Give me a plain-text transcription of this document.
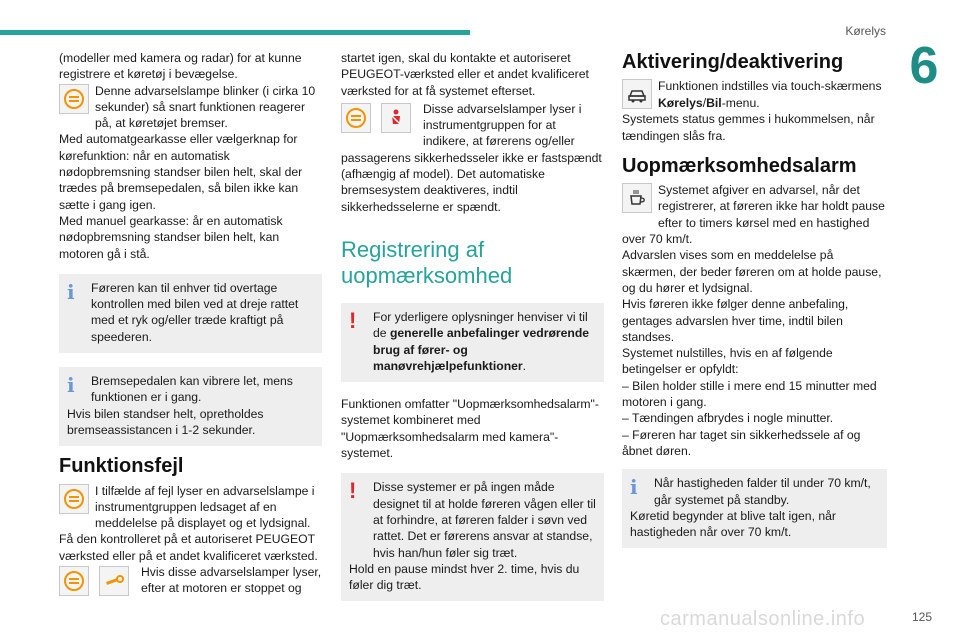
Kørelys
6

(modeller med kamera og radar) for at kunne registrere et køretøj i bevægelse.

Denne advarselslampe blinker (i cirka 10 sekunder) så snart funktionen reagerer på, at køretøjet bremser.

Med automatgearkasse eller vælgerknap for kørefunktion: når en automatisk nødopbremsning standser bilen helt, skal der trædes på bremsepedalen, så bilen ikke kan sætte i gang igen.

Med manuel gearkasse: år en automatisk nødopbremsning standser bilen helt, kan motoren gå i stå.

i Føreren kan til enhver tid overtage kontrollen med bilen ved at dreje rattet med et ryk og/eller træde kraftigt på speederen.

i Bremsepedalen kan vibrere let, mens funktionen er i gang.

Hvis bilen standser helt, opretholdes bremseassistancen i 1-2 sekunder.

Funktionsfejl
I tilfælde af fejl lyser en advarselslampe i instrumentgruppen ledsaget af en meddelelse på displayet og et lydsignal.

Få den kontrolleret på et autoriseret PEUGEOT værksted eller på et andet kvalificeret værksted.

Hvis disse advarselslamper lyser, efter at motoren er stoppet og

startet igen, skal du kontakte et autoriseret PEUGEOT-værksted eller et andet kvalificeret værksted for at få systemet efterset.

Disse advarselslamper lyser i instrumentgruppen for at indikere, at førerens og/eller passagerens sikkerhedsseler ikke er fastspændt (afhængig af model). Det automatiske bremsesystem deaktiveres, indtil sikkerhedsselerne er spændt.
Registrering af uopmærksomhed
! For yderligere oplysninger henviser vi til de generelle anbefalinger vedrørende brug af fører- og manøvrehjælpefunktioner.

Funktionen omfatter "Uopmærksomhedsalarm"-systemet kombineret med "Uopmærksomhedsalarm med kamera"-systemet.

! Disse systemer er på ingen måde designet til at holde føreren vågen eller til at forhindre, at føreren falder i søvn ved rattet. Det er førerens ansvar at standse, hvis han/hun føler sig træt.

Hold en pause mindst hver 2. time, hvis du føler dig træt.

Aktivering/deaktivering
Funktionen indstilles via touch-skærmens Kørelys/Bil-menu.

Systemets status gemmes i hukommelsen, når tændingen slås fra.

Uopmærksomhedsalarm
Systemet afgiver en advarsel, når det registrerer, at føreren ikke har holdt pause efter to timers kørsel med en hastighed over 70 km/t.

Advarslen vises som en meddelelse på skærmen, der beder føreren om at holde pause, og du hører et lydsignal.

Hvis føreren ikke følger denne anbefaling, gentages advarslen hver time, indtil bilen standses.

Systemet nulstilles, hvis en af følgende betingelser er opfyldt:

– Bilen holder stille i mere end 15 minutter med motoren i gang.

– Tændingen afbrydes i nogle minutter.

– Føreren har taget sin sikkerhedssele af og åbnet døren.

i Når hastigheden falder til under 70 km/t, går systemet på standby.

Køretid begynder at blive talt igen, når hastigheden når over 70 km/t.

carmanualsonline.info	125
